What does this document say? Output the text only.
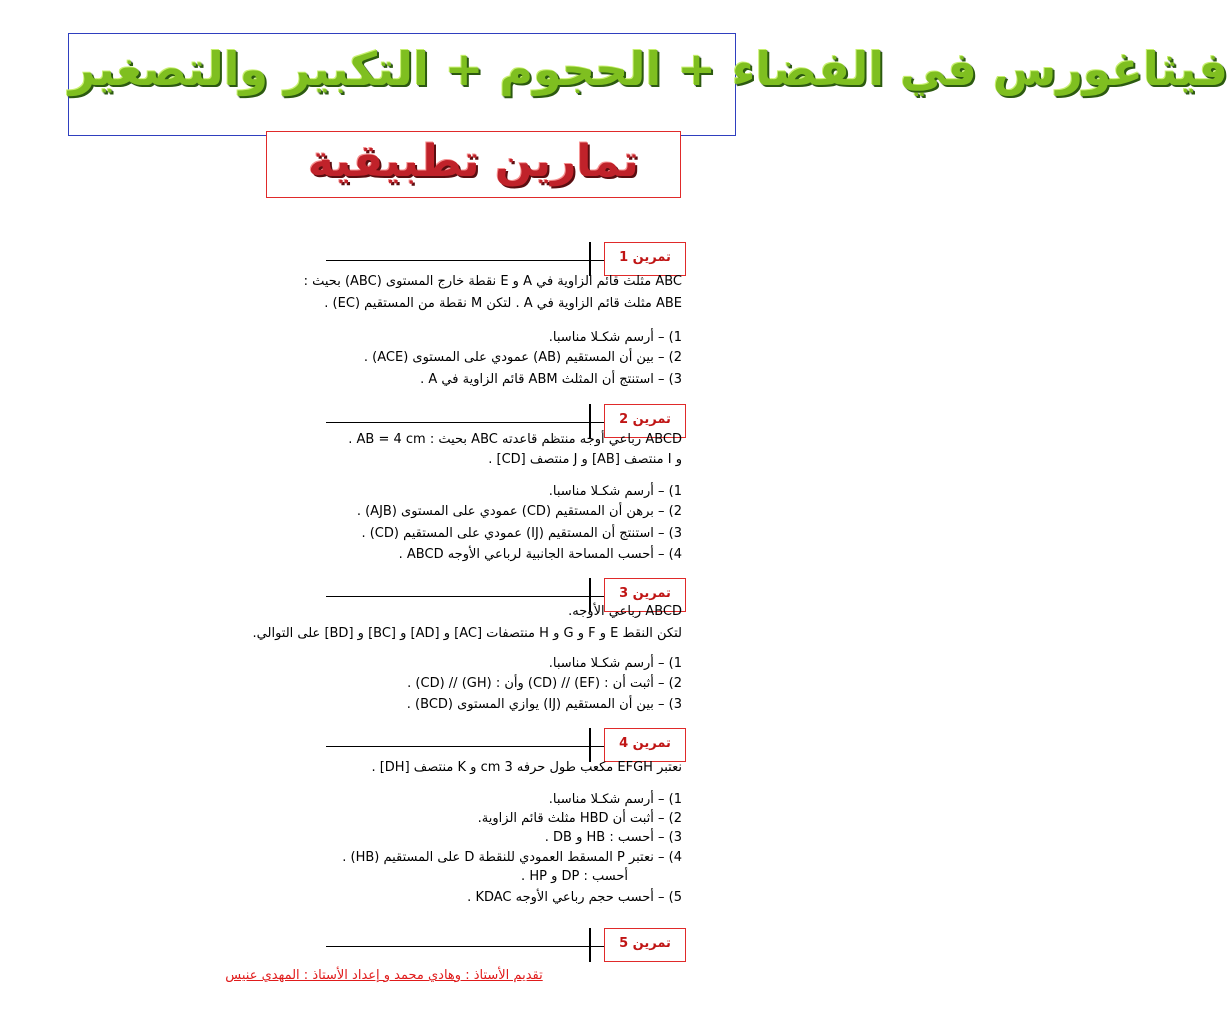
فيثاغورس في الفضاء + الحجوم + التكبير والتصغير
تمارين تطبيقية
تمرين 1
ABC مثلث قائم الزاوية في A و E نقطة خارج المستوى (ABC) بحيث :
ABE مثلث قائم الزاوية في A . لتكن M نقطة من المستقيم (EC) .
1) – أرسم شكـلا مناسبا.
2) – بين أن المستقيم (AB) عمودي على المستوى (ACE) .
3) – استنتج أن المثلث ABM قائم الزاوية في A .
تمرين 2
ABCD رباعي أوجه منتظم قاعدته ABC بحيث : AB = 4 cm .
و I منتصف [AB] و J منتصف [CD] .
1) – أرسم شكـلا مناسبا.
2) – برهن أن المستقيم (CD) عمودي على المستوى (AJB) .
3) – استنتج أن المستقيم (IJ) عمودي على المستقيم (CD) .
4) – أحسب المساحة الجانبية لرباعي الأوجه ABCD .
تمرين 3
ABCD رباعي الأوجه.
لتكن النقط E و F و G و H منتصفات [AC] و [AD] و [BC] و [BD] على التوالي.
1) – أرسم شكـلا مناسبا.
2) – أثبت أن : (EF) // (CD) وأن : (GH) // (CD) .
3) – بين أن المستقيم (IJ) يوازي المستوى (BCD) .
تمرين 4
نعتبر EFGH مكعب طول حرفه 3 cm و K منتصف [DH] .
1) – أرسم شكـلا مناسبا.
2) – أثبت أن HBD مثلث قائم الزاوية.
3) – أحسب : HB و DB .
4) – نعتبر P المسقط العمودي للنقطة D على المستقيم (HB) .
أحسب : DP و HP .
5) – أحسب حجم رباعي الأوجه KDAC .
تمرين 5
تقديم الأستاذ : وهادي محمد و إعداد الأستاذ : المهدي عنيس
